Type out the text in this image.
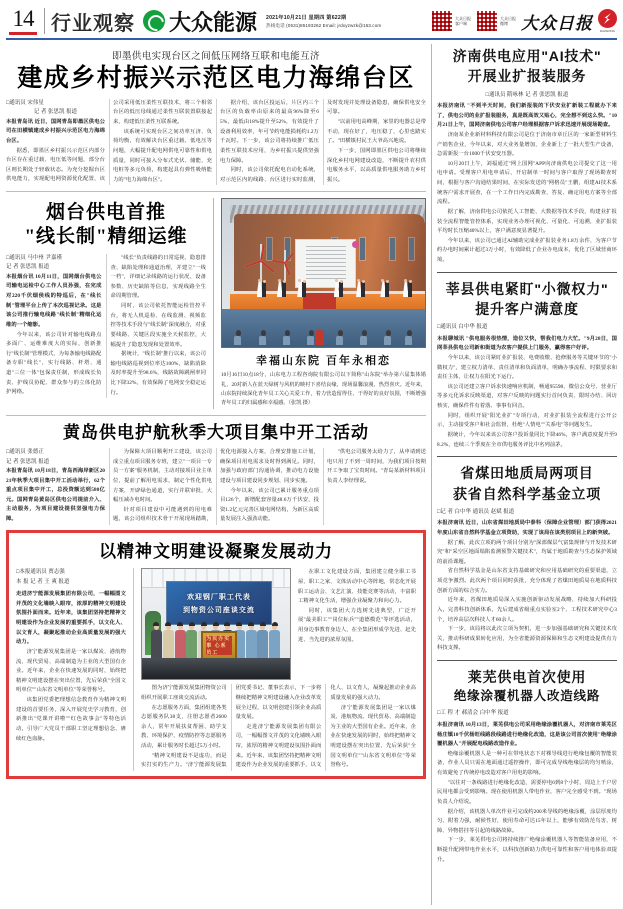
14 行业观察 大众能源 2021年10月21日 星期四 第622期
热线电话 (0531)85193262 Email: jrdxyzwzk@163.com
大众日报
客户端
大众日报
微博 大众日报 DAZHONG
即墨供电实现台区之间低压网络互联和电能互济
建成乡村振兴示范区电力海绵台区
□通讯员 宋伟星
记 者 张思凯 报道

本报青岛讯 近日，国网青岛即墨区供电公司在田横镇建成乡村振兴示范区电力海绵台区。

据悉，即墨区乡村振兴示范区内部分台区存在重过载、电压低等问题，部分台区则长期处于轻载状态。为充分挖掘台区供电能力，实现配电网资源优化配置，该公司采用低压柔性互联技术，将三个相邻台区的低压母线通过柔性互联装置联接起来，构建低压柔性互联系统。

该系统可实现台区之间功率互济、负荷均衡，有效解决台区重过载、低电压等问题，大幅提升配电网供电可靠性和供电质量，同时可接入分布式光伏、储能、充电桩等多元负荷，构建起具有弹性吸纳能力的"电力海绵台区"。

据介绍，该台区投运后，片区内三个台区的负载率由原来的最高96%降至65%，最低由18%提升至52%，有效提升了设备利用效率，年可节约电能损耗约1.2万千瓦时。下一步，该公司将持续推广低压柔性互联技术应用，为乡村振兴提供坚强电力保障。

同时，该公司依托配电自动化系统，对示范区内的线路、台区进行实时监测，及时发现并处理设备隐患，确保供电安全可靠。

"以前用电高峰期，家里的电器总是带不动，现在好了，电压稳了，心里也踏实了。"田横镇村民王大爷高兴地说。

下一步，国网即墨区供电公司将继续深化乡村电网建设改造，不断提升农村供电服务水平，以高质量供电服务助力乡村振兴。

烟台供电首推
"线长制"精细运维
□通讯员 马中州 尹嘉瑾
记 者 张思凯 报道

本报烟台讯 10月11日，国网烟台供电公司输电运检中心工作人员孙强，在完成对220千伏烟侯线的特巡后，在"线长制"管理平台上传了本次巡视记录。这是该公司推行输电线路"线长制"精细化运维的一个缩影。

今年以来，该公司针对输电线路点多面广、运维难度大的实际，创新推行"线长制"管理模式，为每条输电线路配备专职"线长"，实行线路、杆塔、通道"三位一体"包保责任制，形成线长负责、护线员协配、群众参与的立体化防护网络。

"线长"负责线路的日常巡视、隐患排查、缺陷处理和通道治理，并建立"一线一档"，详细记录线路的运行状况、设备参数、历史缺陷等信息，实现线路全生命周期管理。

同时，该公司依托智能运检管控平台，将无人机巡检、在线监测、视频监控等技术手段与"线长制"深度融合，对重要线路、关键区段实施全天候监控，大幅提升了隐患发现和处置效率。

据统计，"线长制"推行以来，该公司输电线路巡视到位率达100%，缺陷消除及时率提升至98.6%，线路故障跳闸率同比下降32%，有效保障了电网安全稳定运行。

幸福山东院 百年永相恋
10月16日10点18分，山东电力工程咨询院有限公司以下简称"山东院"举办第六届集体婚礼，20对新人在蓝天绿树与风机的映衬下喜结良缘，现场温馨浪漫、热烈喜庆。近年来，山东院持续深化青年员工关心关爱工作，着力营造留得住、干得好的良好氛围，不断增强青年员工的归属感和幸福感。（张凯 摄）
黄岛供电护航秋季大项目集中开工活动
□通讯员 张德正
记 者 张思凯 报道

本报青岛讯 10月18日，青岛西海岸新区2021年秋季大项目集中开工活动举行，62个重点项目集中开工，总投资额达到580亿元。国网青岛黄岛区供电公司提前介入、主动服务，为项目建设提供坚强电力保障。

为保障大项目顺利开工建设，该公司成立重点项目服务专班，建立"一项目一专员一方案"服务机制，主动对接项目业主单位，提前了解用电需求，制定个性化供电方案，开辟绿色通道，实行并联审批，大幅压减办电时间。

针对项目建设中可能遇到的用电难题，该公司组织技术骨干开展现场踏勘，优化电源接入方案，合理安排施工计划，确保项目用电需求及时得到满足。同时，加强与政府部门沟通协调，推动电力设施建设与项目建设同步规划、同步实施。

今年以来，该公司已累计服务重点项目126个，新增配套容量48.6万千伏安，投资1.2亿元完善区域电网结构，为新区高质量发展注入强劲动能。

"供电公司服务太给力了，从申请到送电只用了不到一周时间，为我们项目按期开工争取了宝贵时间。"青岛某新材料项目负责人李经理说。

以精神文明建设凝聚发展动力
□本报通讯员 贾志强
本 报 记 者 王 爽 报道

走进济宁能源发展集团有限公司，一幅幅图文并茂的文化墙映入眼帘，浓厚的精神文明建设氛围扑面而来。近年来，该集团坚持把精神文明建设作为企业发展的重要抓手，以文化人、以文育人，凝聚起推动企业高质量发展的强大动力。

济宁能源发展集团是一家以煤炭、港航物流、现代贸易、高端制造为主业的大型国有企业。近年来，企业在快速发展的同时，始终把精神文明建设摆在突出位置，先后荣获"全国文明单位""山东省文明单位"等荣誉称号。

该集团党委把理想信念教育作为精神文明建设的首要任务，深入开展党史学习教育，创新推出"党课开讲啦""红色故事会"等特色活动，引导广大党员干部职工坚定理想信念、赓续红色血脉。

欢迎钢厂职工代表
到物资公司座谈交流
为民办实事 心系员工

在职工文化建设方面，集团建立健全职工书屋、职工之家、文体活动中心等阵地，常态化开展职工运动会、文艺汇演、技能竞赛等活动，丰富职工精神文化生活，增强企业凝聚力和向心力。

同时，该集团大力选树先进典型，广泛开展"最美职工""岗位标兵""道德模范"等评选活动，用身边事教育身边人，在全集团形成学先进、赶先进、当先进的浓厚氛围。

图为济宁能源发展集团物资公司组织开展职工座谈交流活动。

在志愿服务方面，集团组建各类志愿服务队38支，注册志愿者2600余人，常年开展扶贫帮困、助学支教、环境保护、疫情防控等志愿服务活动，累计服务时长超过5万小时。

"精神文明建设不是虚功，而是实打实的生产力。"济宁能源发展集团党委书记、董事长表示，下一步将继续把精神文明建设融入企业改革发展全过程，以文明创建引领企业高质量发展。

走进济宁能源发展集团有限公司，一幅幅图文并茂的文化墙映入眼帘，浓厚的精神文明建设氛围扑面而来。近年来，该集团坚持把精神文明建设作为企业发展的重要抓手，以文化人、以文育人，凝聚起推动企业高质量发展的强大动力。

济宁能源发展集团是一家以煤炭、港航物流、现代贸易、高端制造为主业的大型国有企业。近年来，企业在快速发展的同时，始终把精神文明建设摆在突出位置，先后荣获"全国文明单位""山东省文明单位"等荣誉称号。

济南供电应用"AI技术"
开展业扩报装服务
□通讯员 隋咏林 记 者 张思凯 报道

本报济南讯 "不到半天时间，我们新报装的下伏安业扩新装工程就办下来了，供电公司的业扩报装服务，真是既高效又贴心，完全想不到这么快。"10月21日上午，国网济南供电公司客户经理根据客户诉求迅速开展现场勘查。

济南某企业新材料科技有限公司是位于济南市章丘区的一家新型材料生产销售企业，今年以来，对大业务量增加，企业新上了一批大型生产设备，急需新报一台1000千伏安变压器。

10月20日上午，刘福通过"网上国网"APP向济南供电公司提交了这一用电申请。受理客户用电申请后，开启制单一时间与客户取得了现场勘查时间，根据与客户沟通结果时间，在实际发送的"网格员"王鹏，组建AI技术系统客户需求开展查，在一个工作日内完成勘查、答复、确定用电方案等全部流程。

据了解，济南供电公司依托人工智能、大数据等技术手段，构建业扩报装全流程智能管控体系，实现业务办理可视化、可量化、可追溯，业扩报装平均时长压缩40%以上，客户满意度显著提升。

今年以来，该公司已通过AI辅助完成业扩报装业务1.8万余件，为客户节约办电时间累计超过3万小时，有效降低了企业办电成本，优化了区域营商环境。

莘县供电紧盯"小微权力"
提升客户满意度
□通讯员 白中华 报道

本报聊城讯 "供电服务很热情，造位又快，帮我们电力大忙。"9月28日，国网莘县供电公司新和街道为农客户提供上门服务，赢得客户好评。

今年以来，该公司紧盯业扩报装、电费收缴、抢修服务等关键环节的"小微权力"，建立权力清单、责任清单和负面清单，明确办事流程、时限要求和责任主体，让权力在阳光下运行。

该公司还建立客户诉求快速响应机制，畅通95598、微信公众号、营业厅等多元化诉求反映渠道，对客户反映的问题实行首问负责、限时办结、回访核实，确保件件有着落、事事有回音。

同时，组织开展"阳光业扩"专项行动，对业扩报装全流程进行公开公示，主动接受客户和社会监督，杜绝"人情电""关系电"等问题发生。

据统计，今年以来该公司客户投诉量同比下降46%，客户满意度提升至98.2%，连续三个季度在全市供电服务评比中名列前茅。

省煤田地质局两项目
获省自然科学基金立项
□记 者 白中华 通讯员 赵斌 报道

本报济南讯 近日，山东省煤田地质局中泰科（保障企业管理）部门获得2021年度山东省自然科学基金立项资助，实现了该局在该类别项目上的新突破。

据了解，此次立项的两个项目分别为"深部煤层气富集规律与开发技术研究"和"采空区地面塌陷监测预警关键技术"，均属于地质勘查与生态保护领域的前沿课题。

省自然科学基金是山东省支持基础研究和应用基础研究的重要渠道，立项竞争激烈。此次两个项目同时获批，充分体现了省煤田地质局在地质科技创新方面的综合实力。

近年来，省煤田地质局深入实施创新驱动发展战略，持续加大科研投入，完善科技创新体系，先后建成省级重点实验室2个、工程技术研究中心3个，培养高层次科技人才60余人。

下一步，该局将以此次立项为契机，进一步加强基础研究和关键技术攻关，推动科研成果转化应用，为全省能源资源保障和生态文明建设提供有力科技支撑。

莱芜供电首次使用
绝缘涂覆机器人改造线路
□工 程 才 郝清会 白中华 报道

本报济南讯 10月13日，莱芜供电公司采用绝缘涂覆机器人，对济南市莱芜区杨庄镇10千伏杨旺线路段线路进行绝缘化改造，这是该公司首次使用"绝缘涂覆机器人"开展配电线路改造作业。

绝缘涂覆机器人是一种可在带电状态下对裸导线进行绝缘包覆的智能装备，作业人员只需在地面通过遥控操作，即可完成导线绝缘层的均匀喷涂，有效避免了传统停电改造对客户用电的影响。

"以往对一条线路进行绝缘化改造，需要停电6到8个小时，周边上千户居民用电都会受到影响。现在使用机器人带电作业，客户完全感受不到。"现场负责人介绍说。

据介绍，该机器人单次作业可完成约200米导线的绝缘涂覆，涂层厚度均匀、附着力强，耐候性好，使用寿命可达15年以上，能够有效防范鸟害、树障、异物搭挂等引起的线路故障。

下一步，莱芜供电公司将持续推广绝缘涂覆机器人等智能装备应用，不断提升配网带电作业水平，以科技创新助力供电可靠性和客户用电体验双提升。
